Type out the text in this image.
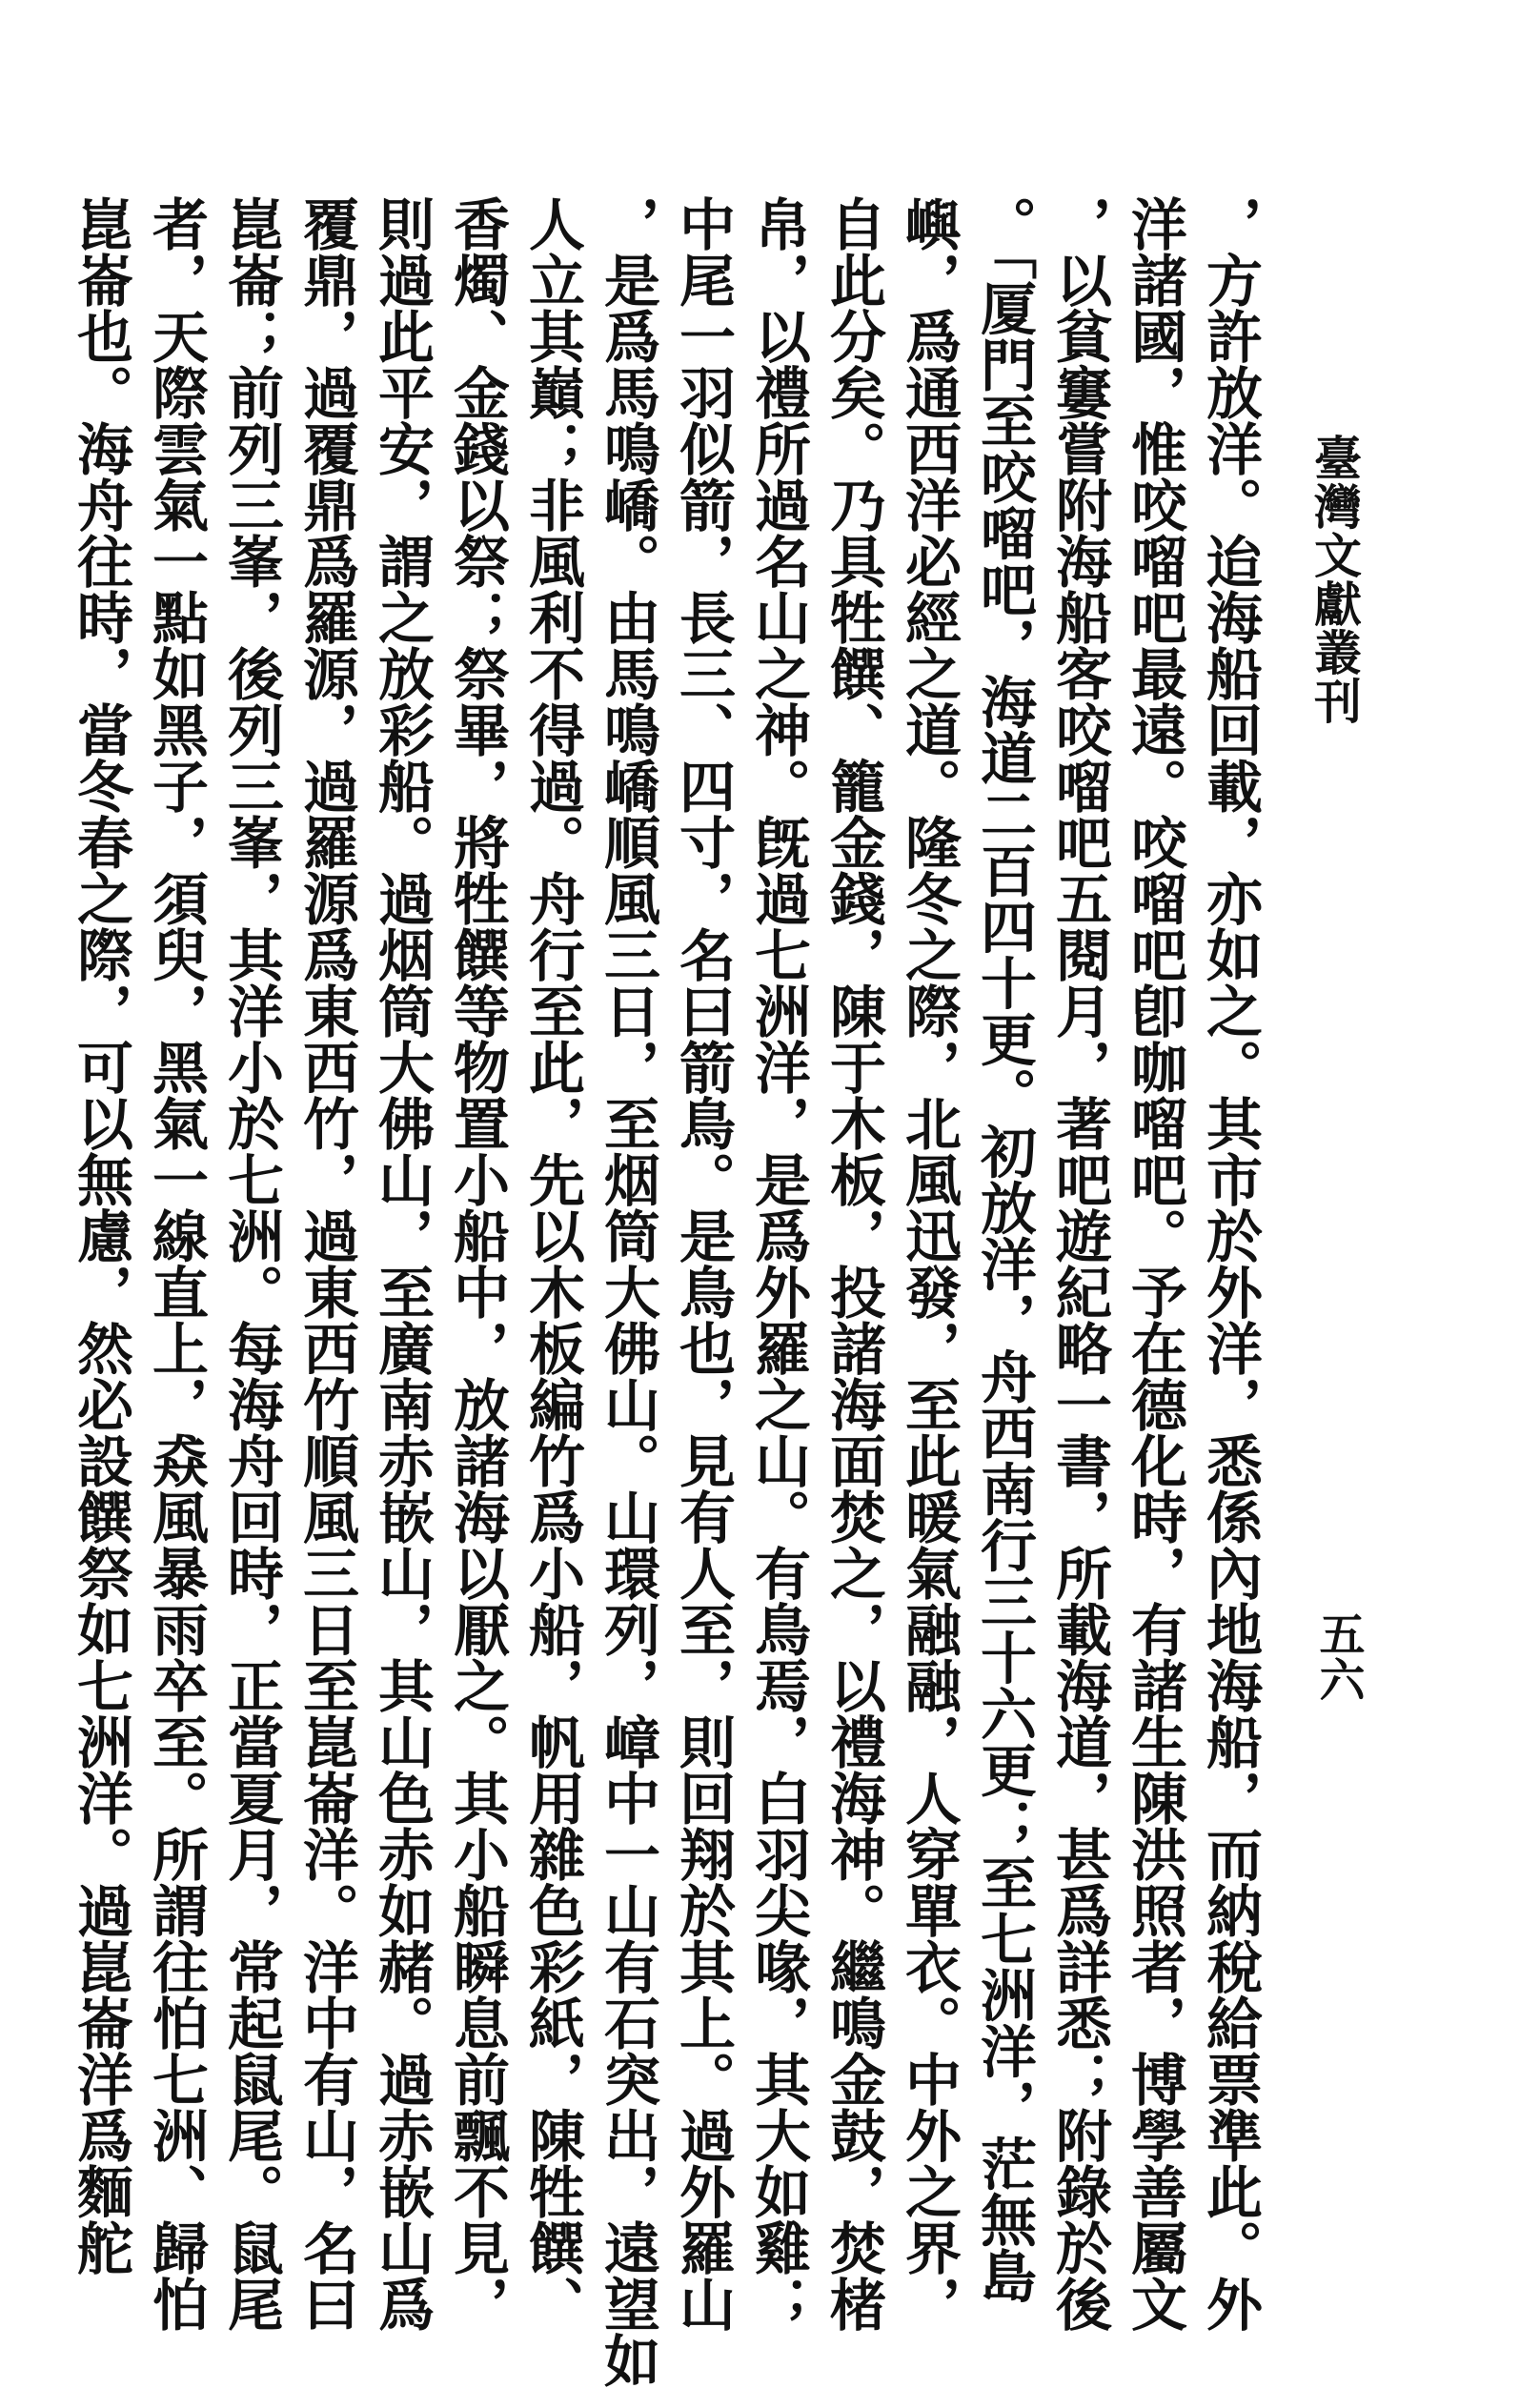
臺灣文獻叢刊
五六
，方許放洋。迨海船回載，亦如之。其市於外洋，悉係內地海船，而納稅給票準此。外
洋諸國，惟咬𠺕吧最遠。咬𠺕吧卽咖𠺕吧。予在德化時，有諸生陳洪照者，博學善屬文
，以貧窶嘗附海船客咬𠺕吧五閱月，著吧遊紀略一書，所載海道，甚爲詳悉；附錄於後
。「厦門至咬𠺕吧，海道二百四十更。初放洋，舟西南行三十六更；至七洲洋，茫無島
嶼，爲通西洋必經之道。隆冬之際，北風迅發，至此暖氣融融，人穿單衣。中外之界，
自此分矣。乃具牲饌、籠金錢，陳于木板，投諸海面焚之，以禮海神。繼鳴金鼓，焚楮
帛，以禮所過名山之神。旣過七洲洋，是爲外羅之山。有鳥焉，白羽尖喙，其大如雞；
中尾一羽似箭，長三、四寸，名曰箭鳥。是鳥也，見有人至，則回翔於其上。過外羅山
，是爲馬鳴嶠。由馬鳴嶠順風三日，至烟筒大佛山。山環列，嶂中一山有石突出，遠望如
人立其巔；非風利不得過。舟行至此，先以木板編竹爲小船，帆用雜色彩紙，陳牲饌、
香燭、金錢以祭；祭畢，將牲饌等物置小船中，放諸海以厭之。其小船瞬息前飄不見，
則過此平安，謂之放彩船。過烟筒大佛山，至廣南赤嵌山，其山色赤如赭。過赤嵌山爲
覆鼎，過覆鼎爲羅源，過羅源爲東西竹，過東西竹順風三日至崑崙洋。洋中有山，名曰
崑崙；前列三峯，後列三峯，其洋小於七洲。每海舟回時，正當夏月，常起鼠尾。鼠尾
者，天際雲氣一點如黑子，須臾，黑氣一線直上，猋風暴雨卒至。所謂往怕七洲、歸怕
崑崙也。海舟往時，當冬春之際，可以無慮，然必設饌祭如七洲洋。過崑崙洋爲麵舵
